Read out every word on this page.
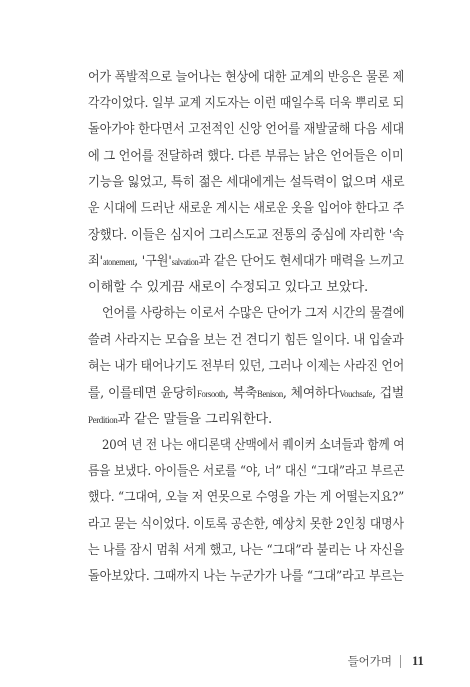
어가 폭발적으로 늘어나는 현상에 대한 교계의 반응은 물론 제
각각이었다. 일부 교계 지도자는 이런 때일수록 더욱 뿌리로 되
돌아가야 한다면서 고전적인 신앙 언어를 재발굴해 다음 세대
에 그 언어를 전달하려 했다. 다른 부류는 낡은 언어들은 이미
기능을 잃었고, 특히 젊은 세대에게는 설득력이 없으며 새로
운 시대에 드러난 새로운 계시는 새로운 옷을 입어야 한다고 주
장했다. 이들은 심지어 그리스도교 전통의 중심에 자리한 '속
죄'atonement, '구원'salvation과 같은 단어도 현세대가 매력을 느끼고
이해할 수 있게끔 새로이 수정되고 있다고 보았다.
언어를 사랑하는 이로서 수많은 단어가 그저 시간의 물결에
쓸려 사라지는 모습을 보는 건 견디기 힘든 일이다. 내 입술과
혀는 내가 태어나기도 전부터 있던, 그러나 이제는 사라진 언어
를, 이를테면 윤당히Forsooth, 복축Benison, 체여하다Vouchsafe, 겁벌
Perdition과 같은 말들을 그리워한다.
20여 년 전 나는 애디론댁 산맥에서 퀘이커 소녀들과 함께 여
름을 보냈다. 아이들은 서로를 “야, 너” 대신 “그대”라고 부르곤
했다. “그대여, 오늘 저 연못으로 수영을 가는 게 어떨는지요?”
라고 묻는 식이었다. 이토록 공손한, 예상치 못한 2인칭 대명사
는 나를 잠시 멈춰 서게 했고, 나는 “그대”라 불리는 나 자신을
돌아보았다. 그때까지 나는 누군가가 나를 “그대”라고 부르는
들어가며 11
